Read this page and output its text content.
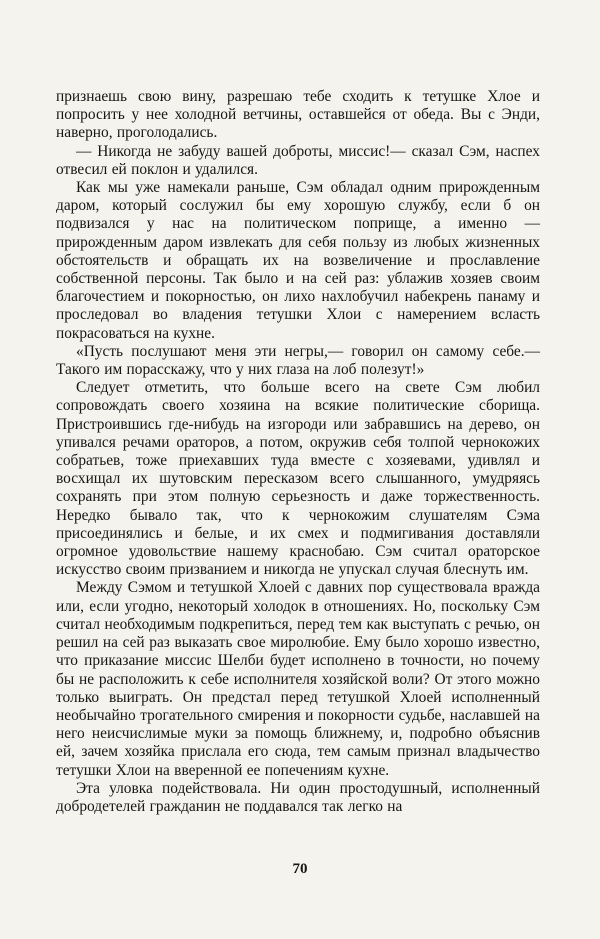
признаешь свою вину, разрешаю тебе сходить к тетушке Хлое и попросить у нее холодной ветчины, оставшейся от обеда. Вы с Энди, наверно, проголодались.

— Никогда не забуду вашей доброты, миссис!— сказал Сэм, наспех отвесил ей поклон и удалился.

Как мы уже намекали раньше, Сэм обладал одним прирожденным даром, который сослужил бы ему хорошую службу, если б он подвизался у нас на политическом поприще, а именно — прирожденным даром извлекать для себя пользу из любых жизненных обстоятельств и обращать их на возвеличение и прославление собственной персоны. Так было и на сей раз: ублажив хозяев своим благочестием и покорностью, он лихо нахлобучил набекрень панаму и проследовал во владения тетушки Хлои с намерением всласть покрасоваться на кухне.

«Пусть послушают меня эти негры,— говорил он самому себе.— Такого им порасскажу, что у них глаза на лоб полезут!»

Следует отметить, что больше всего на свете Сэм любил сопровождать своего хозяина на всякие политические сборища. Пристроившись где-нибудь на изгороди или забравшись на дерево, он упивался речами ораторов, а потом, окружив себя толпой чернокожих собратьев, тоже приехавших туда вместе с хозяевами, удивлял и восхищал их шутовским пересказом всего слышанного, умудряясь сохранять при этом полную серьезность и даже торжественность. Нередко бывало так, что к чернокожим слушателям Сэма присоединялись и белые, и их смех и подмигивания доставляли огромное удовольствие нашему краснобаю. Сэм считал ораторское искусство своим призванием и никогда не упускал случая блеснуть им.

Между Сэмом и тетушкой Хлоей с давних пор существовала вражда или, если угодно, некоторый холодок в отношениях. Но, поскольку Сэм считал необходимым подкрепиться, перед тем как выступать с речью, он решил на сей раз выказать свое миролюбие. Ему было хорошо известно, что приказание миссис Шелби будет исполнено в точности, но почему бы не расположить к себе исполнителя хозяйской воли? От этого можно только выиграть. Он предстал перед тетушкой Хлоей исполненный необычайно трогательного смирения и покорности судьбе, наславшей на него неисчислимые муки за помощь ближнему, и, подробно объяснив ей, зачем хозяйка прислала его сюда, тем самым признал владычество тетушки Хлои на вверенной ее попечениям кухне.

Эта уловка подействовала. Ни один простодушный, исполненный добродетелей гражданин не поддавался так легко на

70
